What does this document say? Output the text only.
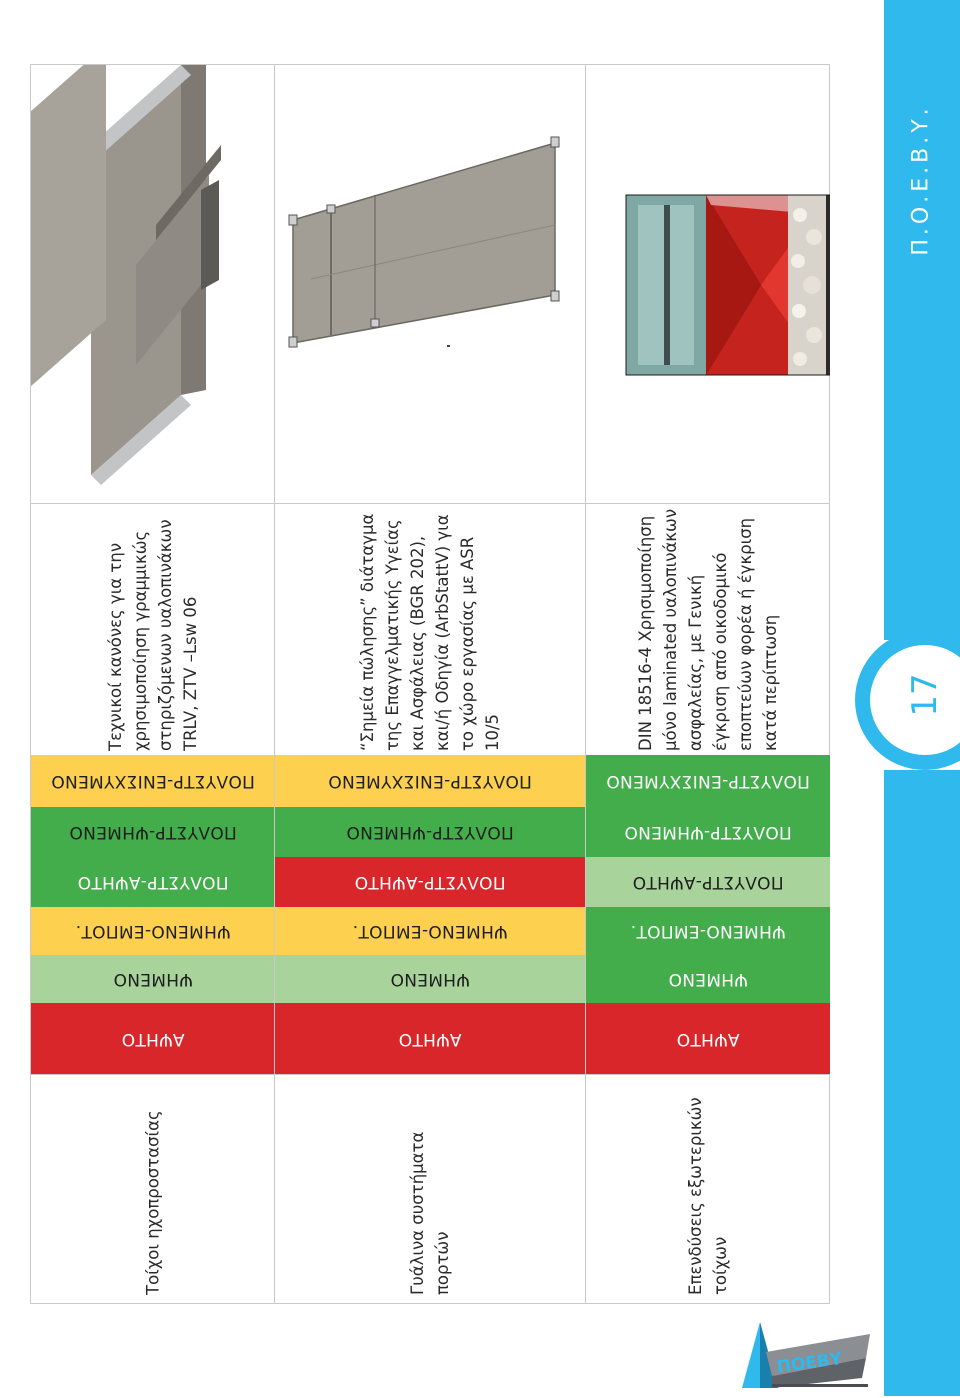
17
Π.Ο.Ε.Β.Υ.
Τοίχοι ηχοπροστασίας
ΑΨΗΤΟ
ΨΗΜΕΝΟ
ΨΗΜΕΝΟ-ΕΜΠΟΤ.
ΠΟΛΥΣΤΡ-ΑΨΗΤΟ
ΠΟΛΥΣΤΡ-ΨΗΜΕΝΟ
ΠΟΛΥΣΤΡ-ΕΝΙΣΧΥΜΕΝΟ
Τεχνικοί κανόνες για την χρησιμοποίηση γραμμικώς στηριζόμενων υαλοπινάκων TRLV, ZTV –Lsw 06
Γυάλινα συστήματα πορτών
ΑΨΗΤΟ
ΨΗΜΕΝΟ
ΨΗΜΕΝΟ-ΕΜΠΟΤ.
ΠΟΛΥΣΤΡ-ΑΨΗΤΟ
ΠΟΛΥΣΤΡ-ΨΗΜΕΝΟ
ΠΟΛΥΣΤΡ-ΕΝΙΣΧΥΜΕΝΟ
“Σημεία πώλησης” διάταγμα της Επαγγελματικής Υγείας και Ασφάλειας (BGR 202), και/ή Οδηγία (ArbStattV) για το χώρο εργασίας με ASR 10/5
Επενδύσεις εξωτερικών τοίχων
ΑΨΗΤΟ
ΨΗΜΕΝΟ
ΨΗΜΕΝΟ-ΕΜΠΟΤ.
ΠΟΛΥΣΤΡ-ΑΨΗΤΟ
ΠΟΛΥΣΤΡ-ΨΗΜΕΝΟ
ΠΟΛΥΣΤΡ-ΕΝΙΣΧΥΜΕΝΟ
DIN 18516-4 Χρησιμοποίηση μόνο laminated υαλοπινάκων ασφαλείας, με Γενική έγκριση από οικοδομικό εποπτεύων φορέα ή έγκριση κατά περίπτωση
ΠΟΕΒΥ
